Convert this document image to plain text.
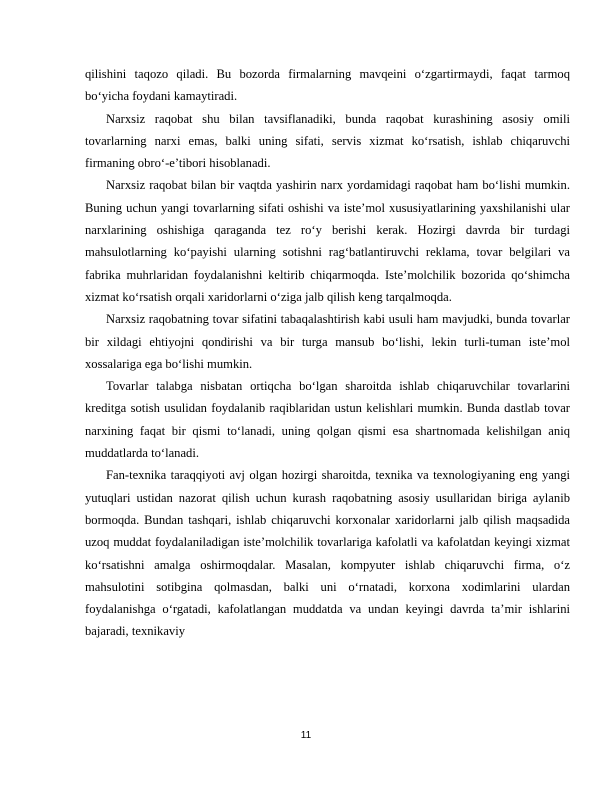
qilishini taqozo qiladi. Bu bozorda firmalarning mavqeini o‘zgartirmaydi, faqat tarmoq bo‘yicha foydani kamaytiradi.

Narxsiz raqobat shu bilan tavsiflanadiki, bunda raqobat kurashining asosiy omili tovarlarning narxi emas, balki uning sifati, servis xizmat ko‘rsatish, ishlab chiqaruvchi firmaning obro‘-e’tibori hisoblanadi.

Narxsiz raqobat bilan bir vaqtda yashirin narx yordamidagi raqobat ham bo‘lishi mumkin. Buning uchun yangi tovarlarning sifati oshishi va iste’mol xususiyatlarining yaxshilanishi ular narxlarining oshishiga qaraganda tez ro‘y berishi kerak. Hozirgi davrda bir turdagi mahsulotlarning ko‘payishi ularning sotishni rag‘batlantiruvchi reklama, tovar belgilari va fabrika muhrlaridan foydalanishni keltirib chiqarmoqda. Iste’molchilik bozorida qo‘shimcha xizmat ko‘rsatish orqali xaridorlarni o‘ziga jalb qilish keng tarqalmoqda.

Narxsiz raqobatning tovar sifatini tabaqalashtirish kabi usuli ham mavjudki, bunda tovarlar bir xildagi ehtiyojni qondirishi va bir turga mansub bo‘lishi, lekin turli-tuman iste’mol xossalariga ega bo‘lishi mumkin.

Tovarlar talabga nisbatan ortiqcha bo‘lgan sharoitda ishlab chiqaruvchilar tovarlarini kreditga sotish usulidan foydalanib raqiblaridan ustun kelishlari mumkin. Bunda dastlab tovar narxining faqat bir qismi to‘lanadi, uning qolgan qismi esa shartnomada kelishilgan aniq muddatlarda to‘lanadi.

Fan-texnika taraqqiyoti avj olgan hozirgi sharoitda, texnika va texnologiyaning eng yangi yutuqlari ustidan nazorat qilish uchun kurash raqobatning asosiy usullaridan biriga aylanib bormoqda. Bundan tashqari, ishlab chiqaruvchi korxonalar xaridorlarni jalb qilish maqsadida uzoq muddat foydalaniladigan iste’molchilik tovarlariga kafolatli va kafolatdan keyingi xizmat ko‘rsatishni amalga oshirmoqdalar. Masalan, kompyuter ishlab chiqaruvchi firma, o‘z mahsulotini sotibgina qolmasdan, balki uni o‘rnatadi, korxona xodimlarini ulardan foydalanishga o‘rgatadi, kafolatlangan muddatda va undan keyingi davrda ta’mir ishlarini bajaradi, texnikaviy

11
